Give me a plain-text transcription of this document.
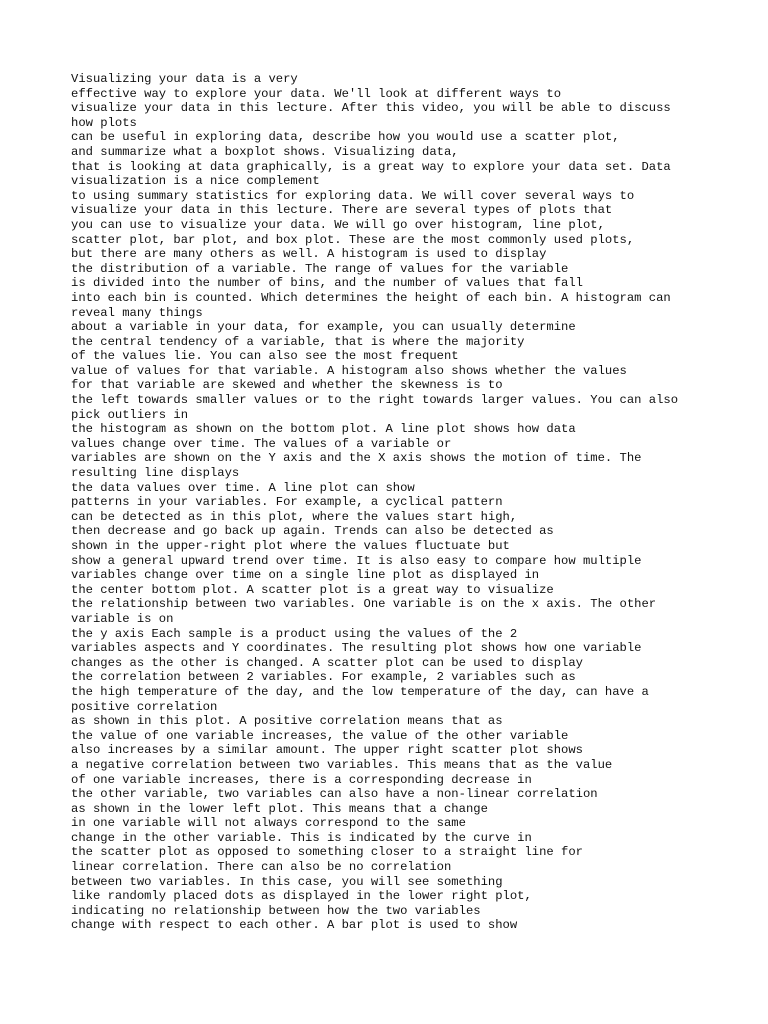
Visualizing your data is a very
effective way to explore your data. We'll look at different ways to
visualize your data in this lecture. After this video, you will be able to discuss
how plots
can be useful in exploring data, describe how you would use a scatter plot,
and summarize what a boxplot shows. Visualizing data,
that is looking at data graphically, is a great way to explore your data set. Data
visualization is a nice complement
to using summary statistics for exploring data. We will cover several ways to
visualize your data in this lecture. There are several types of plots that
you can use to visualize your data. We will go over histogram, line plot,
scatter plot, bar plot, and box plot. These are the most commonly used plots,
but there are many others as well. A histogram is used to display
the distribution of a variable. The range of values for the variable
is divided into the number of bins, and the number of values that fall
into each bin is counted. Which determines the height of each bin. A histogram can
reveal many things
about a variable in your data, for example, you can usually determine
the central tendency of a variable, that is where the majority
of the values lie. You can also see the most frequent
value of values for that variable. A histogram also shows whether the values
for that variable are skewed and whether the skewness is to
the left towards smaller values or to the right towards larger values. You can also
pick outliers in
the histogram as shown on the bottom plot. A line plot shows how data
values change over time. The values of a variable or
variables are shown on the Y axis and the X axis shows the motion of time. The
resulting line displays
the data values over time. A line plot can show
patterns in your variables. For example, a cyclical pattern
can be detected as in this plot, where the values start high,
then decrease and go back up again. Trends can also be detected as
shown in the upper-right plot where the values fluctuate but
show a general upward trend over time. It is also easy to compare how multiple
variables change over time on a single line plot as displayed in
the center bottom plot. A scatter plot is a great way to visualize
the relationship between two variables. One variable is on the x axis. The other
variable is on
the y axis Each sample is a product using the values of the 2
variables aspects and Y coordinates. The resulting plot shows how one variable
changes as the other is changed. A scatter plot can be used to display
the correlation between 2 variables. For example, 2 variables such as
the high temperature of the day, and the low temperature of the day, can have a
positive correlation
as shown in this plot. A positive correlation means that as
the value of one variable increases, the value of the other variable
also increases by a similar amount. The upper right scatter plot shows
a negative correlation between two variables. This means that as the value
of one variable increases, there is a corresponding decrease in
the other variable, two variables can also have a non-linear correlation
as shown in the lower left plot. This means that a change
in one variable will not always correspond to the same
change in the other variable. This is indicated by the curve in
the scatter plot as opposed to something closer to a straight line for
linear correlation. There can also be no correlation
between two variables. In this case, you will see something
like randomly placed dots as displayed in the lower right plot,
indicating no relationship between how the two variables
change with respect to each other. A bar plot is used to show
